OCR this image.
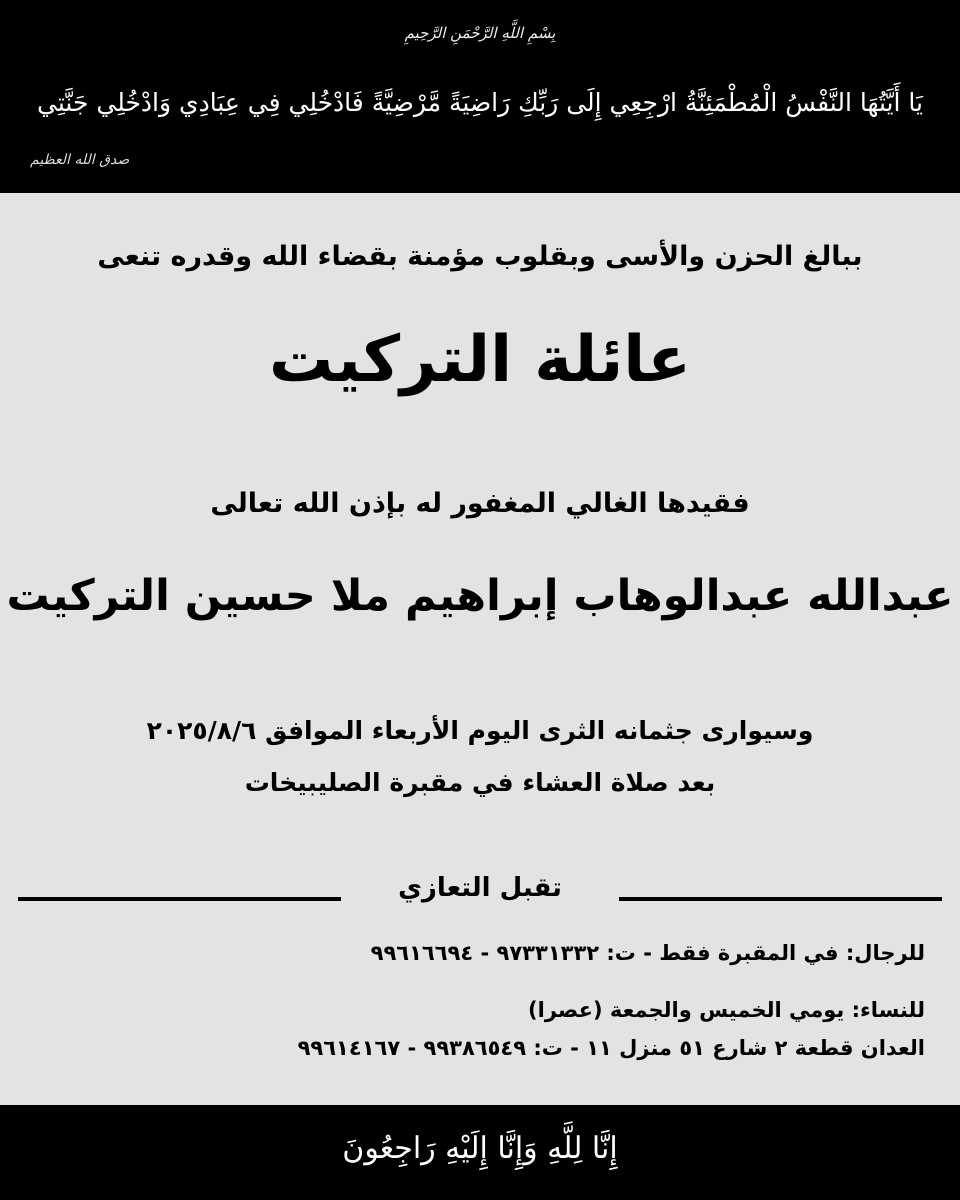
بِسْمِ اللَّهِ الرَّحْمَنِ الرَّحِيمِ
يَا أَيَّتُهَا النَّفْسُ الْمُطْمَئِنَّةُ ارْجِعِي إِلَى رَبِّكِ رَاضِيَةً مَّرْضِيَّةً فَادْخُلِي فِي عِبَادِي وَادْخُلِي جَنَّتِي
صدق الله العظيم
ببالغ الحزن والأسى وبقلوب مؤمنة بقضاء الله وقدره تنعى
عائلة التركيت
فقيدها الغالي المغفور له بإذن الله تعالى
عبدالله عبدالوهاب إبراهيم ملا حسين التركيت
وسيوارى جثمانه الثرى اليوم الأربعاء الموافق ٢٠٢٥/٨/٦
بعد صلاة العشاء في مقبرة الصليبيخات
تقبل التعازي
للرجال: في المقبرة فقط - ت: ٩٧٣٣١٣٣٢ - ٩٩٦١٦٦٩٤
للنساء: يومي الخميس والجمعة (عصرا)
العدان قطعة ٢ شارع ٥١ منزل ١١ - ت: ٩٩٣٨٦٥٤٩ - ٩٩٦١٤١٦٧
إِنَّا لِلَّهِ وَإِنَّا إِلَيْهِ رَاجِعُونَ
